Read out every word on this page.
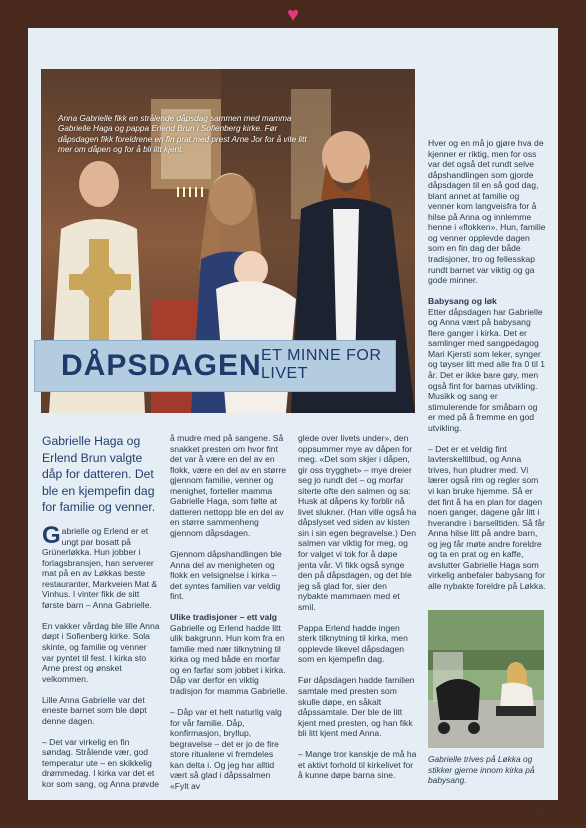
♥
Anna Gabrielle fikk en strålende dåpsdag sammen med mamma Gabrielle Haga og pappa Erlend Brun i Sofienberg kirke. Før dåpsdagen fikk foreldrene en fin prat med prest Arne Jor for å vite litt mer om dåpen og for å bli litt kjent.
DÅPSDAGEN ET MINNE FOR LIVET
Gabrielle Haga og Erlend Brun valgte dåp for datteren. Det ble en kjempefin dag for familie og venner.

Gabrielle og Erlend er et ungt par bosatt på Grünerløkka. Hun jobber i forlagsbransjen, han serverer mat på en av Løkkas beste restauranter, Markveien Mat & Vinhus. I vinter fikk de sitt første barn – Anna Gabrielle.

En vakker vårdag ble lille Anna døpt i Sofienberg kirke. Sola skinte, og familie og venner var pyntet til fest. I kirka sto Arne prest og ønsket velkommen.

Lille Anna Gabrielle var det eneste barnet som ble døpt denne dagen.

– Det var virkelig en fin søndag. Strålende vær, god temperatur ute – en skikkelig drømmedag. I kirka var det et kor som sang, og Anna prøvde

å mudre med på sangene. Så snakket presten om hvor fint det var å være en del av en flokk, være en del av en større gjennom familie, venner og menighet, forteller mamma Gabrielle Haga, som følte at datteren nettopp ble en del av en større sammenheng gjennom dåpsdagen.

Gjennom dåpshandlingen ble Anna del av menigheten og flokk en velsignelse i kirka – det syntes familien var veldig fint.

Ulike tradisjoner – ett valg

Gabrielle og Erlend hadde litt ulik bakgrunn. Hun kom fra en familie med nær tilknytning til kirka og med både en morfar og en farfar som jobbet i kirka. Dåp var derfor en viktig tradisjon for mamma Gabrielle.

– Dåp var et helt naturlig valg for vår familie. Dåp, konfirmasjon, bryllup, begravelse – det er jo de fire store ritualene vi fremdeles kan delta i. Og jeg har alltid vært så glad i dåpssalmen «Fylt av

glede over livets under», den oppsummer mye av dåpen for meg. «Det som skjer i dåpen, gir oss trygghet» – mye dreier seg jo rundt det – og morfar siterte ofte den salmen og sa: Husk at dåpens ky forblir nå livet slukner. (Han ville også ha dåpslyset ved siden av kisten sin i sin egen begravelse.) Den salmen var viktig for meg, og for valget vi tok for å døpe jenta vår. Vi fikk også synge den på dåpsdagen, og det ble jeg så glad for, sier den nybakte mammaen med et smil.

Pappa Erlend hadde ingen sterk tilknytning til kirka, men opplevde likevel dåpsdagen som en kjempefin dag.

Før dåpsdagen hadde familien samtale med presten som skulle døpe, en såkalt dåpssamtale. Der ble de litt kjent med presten, og han fikk bli litt kjent med Anna.

– Mange tror kanskje de må ha et aktivt forhold til kirkelivet for å kunne døpe barna sine.

Hver og en må jo gjøre hva de kjenner er riktig, men for oss var det også det rundt selve dåpshandlingen som gjorde dåpsdagen til en så god dag, blant annet at familie og venner kom langveisfra for å hilse på Anna og innlemme henne i «flokken». Hun, familie og venner opplevde dagen som en fin dag der både tradisjoner, tro og fellesskap rundt barnet var viktig og ga gode minner.

Babysang og løk

Etter dåpsdagen har Gabrielle og Anna vært på babysang flere ganger i kirka. Det er samlinger med sangpedagog Mari Kjersti som leker, synger og tøyser litt med alle fra 0 til 1 år. Det er ikke bare gøy, men også fint for barnas utvikling. Musikk og sang er stimulerende for småbarn og er med på å fremme en god utvikling.

– Det er et veldig fint lavterskeltilbud, og Anna trives, hun pludrer med. Vi lærer også rim og regler som vi kan bruke hjemme. Så er det fint å ha en plan for dagen noen ganger, dagene går litt i hverandre i barselltiden. Så får Anna hilse litt på andre barn, og jeg får møte andre foreldre og ta en prat og en kaffe, avslutter Gabrielle Haga som virkelig anbefaler babysang for alle nybakte foreldre på Løkka.

Gabrielle trives på Løkka og stikker gjerne innom kirka på babysang.
15
